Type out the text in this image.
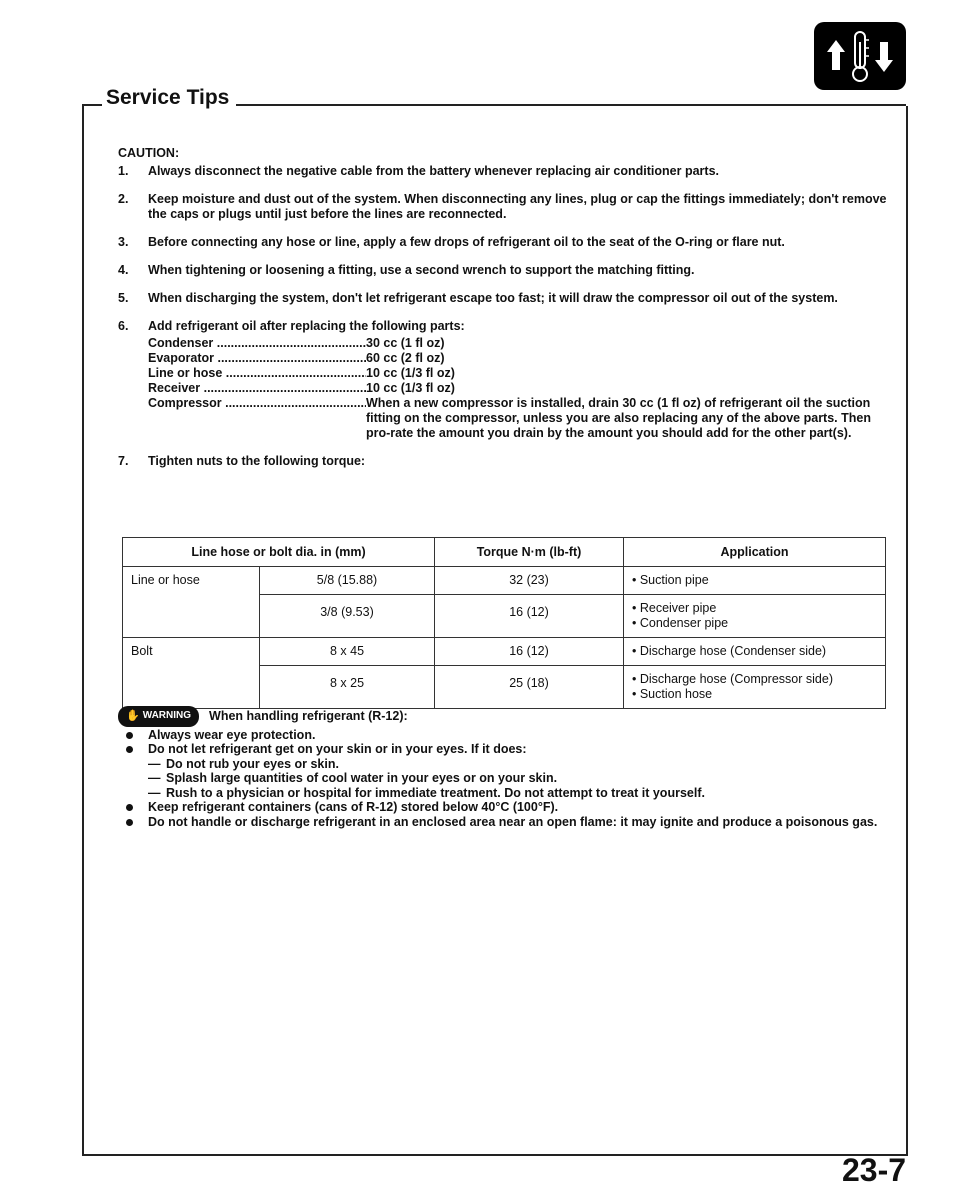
Service Tips
CAUTION:
1. Always disconnect the negative cable from the battery whenever replacing air conditioner parts.
2. Keep moisture and dust out of the system. When disconnecting any lines, plug or cap the fittings immediately; don't remove the caps or plugs until just before the lines are reconnected.
3. Before connecting any hose or line, apply a few drops of refrigerant oil to the seat of the O-ring or flare nut.
4. When tightening or loosening a fitting, use a second wrench to support the matching fitting.
5. When discharging the system, don't let refrigerant escape too fast; it will draw the compressor oil out of the system.
6. Add refrigerant oil after replacing the following parts:
Condenser .....	30 cc (1 fl oz)
Evaporator .....	60 cc (2 fl oz)
Line or hose .....	10 cc (1/3 fl oz)
Receiver .....	10 cc (1/3 fl oz)
Compressor .....	When a new compressor is installed, drain 30 cc (1 fl oz) of refrigerant oil the suction fitting on the compressor, unless you are also replacing any of the above parts. Then pro-rate the amount you drain by the amount you should add for the other part(s).
7. Tighten nuts to the following torque:
Line hose or bolt dia. in (mm)		Torque N·m (lb-ft)	Application
Line or hose	5/8 (15.88)	32 (23)	• Suction pipe

	3/8 (9.53)	16 (12)	• Receiver pipe
• Condenser pipe

Bolt	8 x 45	16 (12)	• Discharge hose (Condenser side)

	8 x 25	25 (18)	• Discharge hose (Compressor side)
• Suction hose
✋ WARNING When handling refrigerant (R-12):
Always wear eye protection.
Do not let refrigerant get on your skin or in your eyes. If it does:
— Do not rub your eyes or skin.
— Splash large quantities of cool water in your eyes or on your skin.
— Rush to a physician or hospital for immediate treatment. Do not attempt to treat it yourself.
Keep refrigerant containers (cans of R-12) stored below 40°C (100°F).
Do not handle or discharge refrigerant in an enclosed area near an open flame: it may ignite and produce a poisonous gas.
23-7
